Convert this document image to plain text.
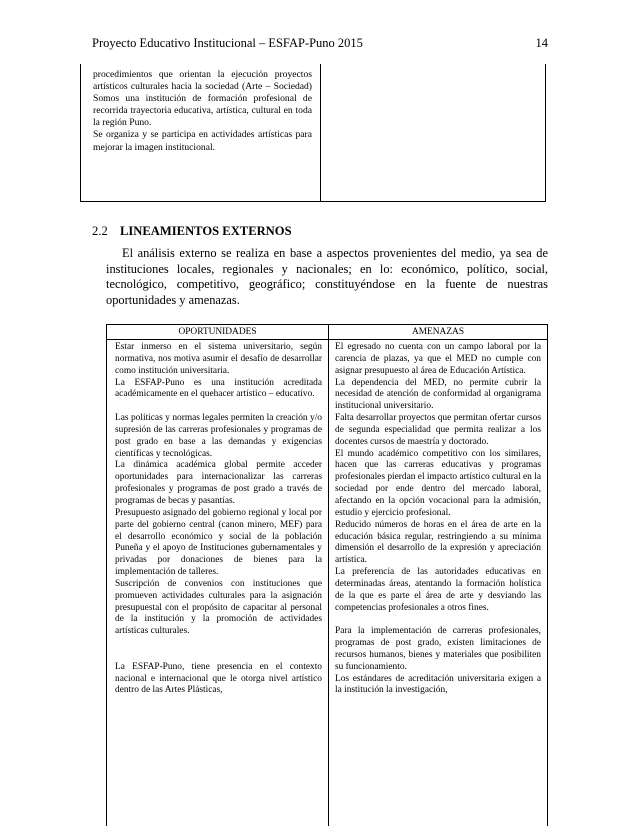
Proyecto Educativo Institucional – ESFAP-Puno 2015	14

procedimientos que orientan la ejecución proyectos artísticos culturales hacia la sociedad (Arte – Sociedad) Somos una institución de formación profesional de recorrida trayectoria educativa, artística, cultural en toda la región Puno.

Se organiza y se participa en actividades artísticas para mejorar la imagen institucional.

2.2 LINEAMIENTOS EXTERNOS

El análisis externo se realiza en base a aspectos provenientes del medio, ya sea de instituciones locales, regionales y nacionales; en lo: económico, político, social, tecnológico, competitivo, geográfico; constituyéndose en la fuente de nuestras oportunidades y amenazas.

OPORTUNIDADES	AMENAZAS

Estar inmerso en el sistema universitario, según normativa, nos motiva asumir el desafío de desarrollar como institución universitaria.

La ESFAP-Puno es una institución acreditada académicamente en el quehacer artístico – educativo.

Las políticas y normas legales permiten la creación y/o supresión de las carreras profesionales y programas de post grado en base a las demandas y exigencias científicas y tecnológicas.

La dinámica académica global permite acceder oportunidades para internacionalizar las carreras profesionales y programas de post grado a través de programas de becas y pasantías.

Presupuesto asignado del gobierno regional y local por parte del gobierno central (canon minero, MEF) para el desarrollo económico y social de la población Puneña y el apoyo de Instituciones gubernamentales y privadas por donaciones de bienes para la implementación de talleres.

Suscripción de convenios con instituciones que promueven actividades culturales para la asignación presupuestal con el propósito de capacitar al personal de la institución y la promoción de actividades artísticas culturales.

La ESFAP-Puno, tiene presencia en el contexto nacional e internacional que le otorga nivel artístico dentro de las Artes Plásticas,

El egresado no cuenta con un campo laboral por la carencia de plazas, ya que el MED no cumple con asignar presupuesto al área de Educación Artística.

La dependencia del MED, no permite cubrir la necesidad de atención de conformidad al organigrama institucional universitario.

Falta desarrollar proyectos que permitan ofertar cursos de segunda especialidad que permita realizar a los docentes cursos de maestría y doctorado.

El mundo académico competitivo con los similares, hacen que las carreras educativas y programas profesionales pierdan el impacto artístico cultural en la sociedad por ende dentro del mercado laboral, afectando en la opción vocacional para la admisión, estudio y ejercicio profesional.

Reducido números de horas en el área de arte en la educación básica regular, restringiendo a su mínima dimensión el desarrollo de la expresión y apreciación artística.

La preferencia de las autoridades educativas en determinadas áreas, atentando la formación holística de la que es parte el área de arte y desviando las competencias profesionales a otros fines.

Para la implementación de carreras profesionales, programas de post grado, existen limitaciones de recursos humanos, bienes y materiales que posibiliten su funcionamiento.

Los estándares de acreditación universitaria exigen a la institución la investigación,
